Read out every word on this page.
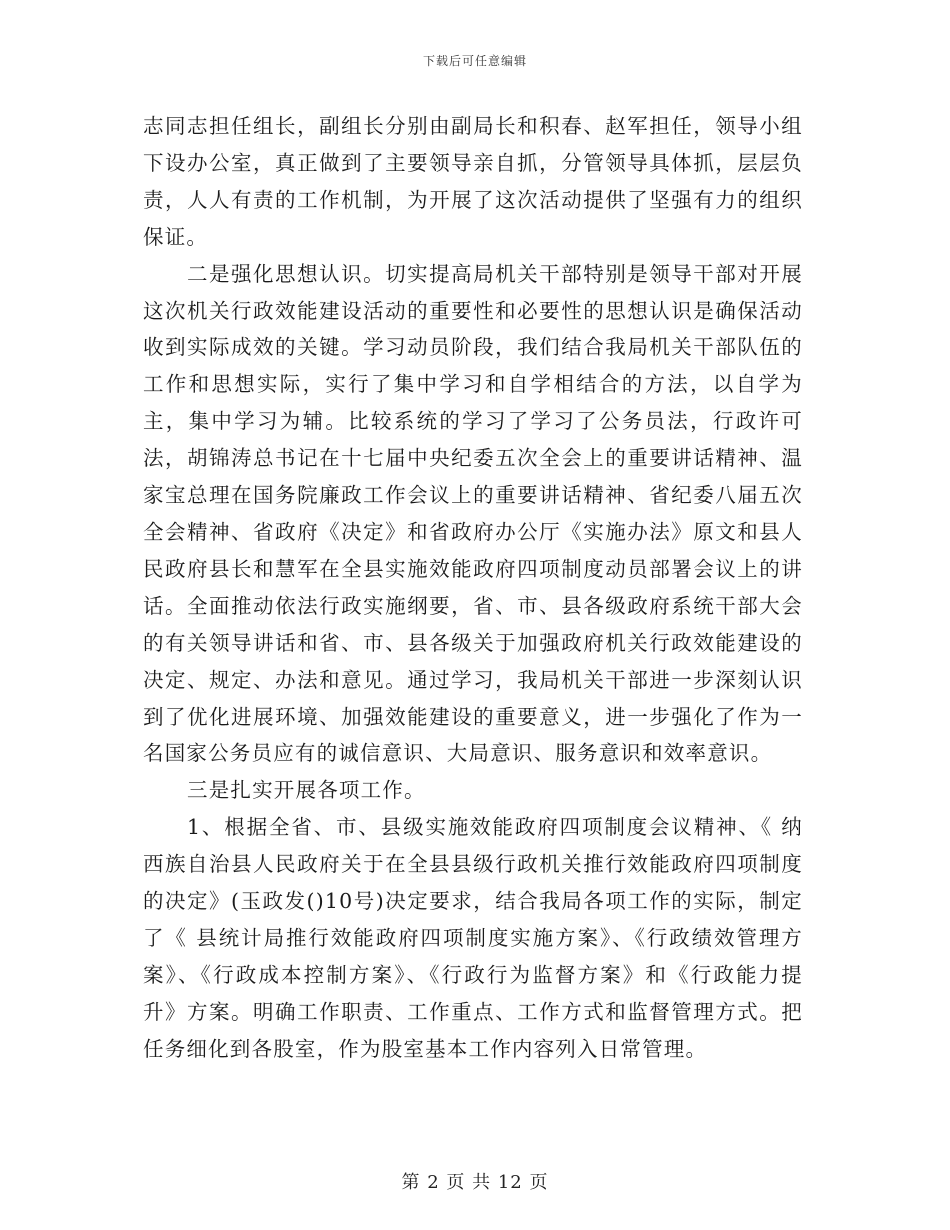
下载后可任意编辑

志同志担任组长，副组长分别由副局长和积春、赵军担任，领导小组下设办公室，真正做到了主要领导亲自抓，分管领导具体抓，层层负责，人人有责的工作机制，为开展了这次活动提供了坚强有力的组织保证。

二是强化思想认识。切实提高局机关干部特别是领导干部对开展这次机关行政效能建设活动的重要性和必要性的思想认识是确保活动收到实际成效的关键。学习动员阶段，我们结合我局机关干部队伍的工作和思想实际，实行了集中学习和自学相结合的方法，以自学为主，集中学习为辅。比较系统的学习了学习了公务员法，行政许可法，胡锦涛总书记在十七届中央纪委五次全会上的重要讲话精神、温家宝总理在国务院廉政工作会议上的重要讲话精神、省纪委八届五次全会精神、省政府《决定》和省政府办公厅《实施办法》原文和县人民政府县长和慧军在全县实施效能政府四项制度动员部署会议上的讲话。全面推动依法行政实施纲要，省、市、县各级政府系统干部大会的有关领导讲话和省、市、县各级关于加强政府机关行政效能建设的决定、规定、办法和意见。通过学习，我局机关干部进一步深刻认识到了优化进展环境、加强效能建设的重要意义，进一步强化了作为一名国家公务员应有的诚信意识、大局意识、服务意识和效率意识。

三是扎实开展各项工作。

1、根据全省、市、县级实施效能政府四项制度会议精神、《 纳西族自治县人民政府关于在全县县级行政机关推行效能政府四项制度的决定》(玉政发()10号)决定要求，结合我局各项工作的实际，制定了《 县统计局推行效能政府四项制度实施方案》、《行政绩效管理方案》、《行政成本控制方案》、《行政行为监督方案》和《行政能力提升》方案。明确工作职责、工作重点、工作方式和监督管理方式。把任务细化到各股室，作为股室基本工作内容列入日常管理。

第 2 页 共 12 页
